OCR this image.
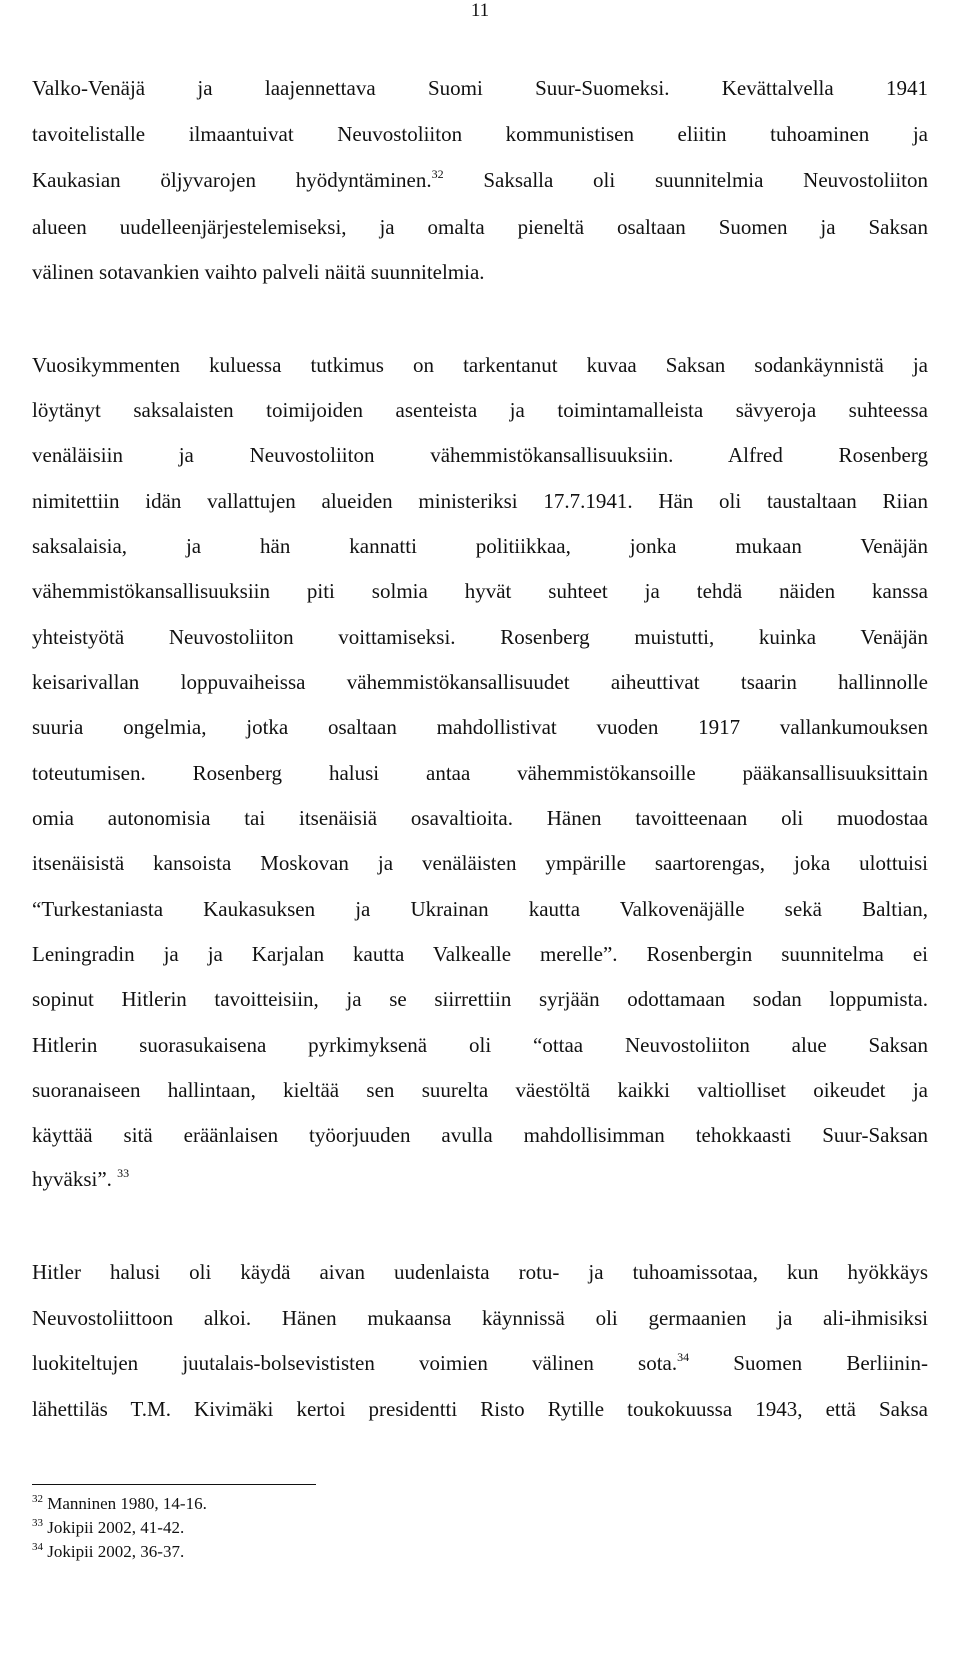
11
Valko-Venäjä ja laajennettava Suomi Suur-Suomeksi. Kevättalvella 1941
tavoitelistalle ilmaantuivat Neuvostoliiton kommunistisen eliitin tuhoaminen ja
Kaukasian öljyvarojen hyödyntäminen.$^{32}$ Saksalla oli suunnitelmia Neuvostoliiton
alueen uudelleenjärjestelemiseksi, ja omalta pieneltä osaltaan Suomen ja Saksan
välinen sotavankien vaihto palveli näitä suunnitelmia.
Vuosikymmenten kuluessa tutkimus on tarkentanut kuvaa Saksan sodankäynnistä ja
löytänyt saksalaisten toimijoiden asenteista ja toimintamalleista sävyeroja suhteessa
venäläisiin ja Neuvostoliiton vähemmistökansallisuuksiin. Alfred Rosenberg
nimitettiin idän vallattujen alueiden ministeriksi 17.7.1941. Hän oli taustaltaan Riian
saksalaisia, ja hän kannatti politiikkaa, jonka mukaan Venäjän
vähemmistökansallisuuksiin piti solmia hyvät suhteet ja tehdä näiden kanssa
yhteistyötä Neuvostoliiton voittamiseksi. Rosenberg muistutti, kuinka Venäjän
keisarivallan loppuvaiheissa vähemmistökansallisuudet aiheuttivat tsaarin hallinnolle
suuria ongelmia, jotka osaltaan mahdollistivat vuoden 1917 vallankumouksen
toteutumisen. Rosenberg halusi antaa vähemmistökansoille pääkansallisuuksittain
omia autonomisia tai itsenäisiä osavaltioita. Hänen tavoitteenaan oli muodostaa
itsenäisistä kansoista Moskovan ja venäläisten ympärille saartorengas, joka ulottuisi
“Turkestaniasta Kaukasuksen ja Ukrainan kautta Valkovenäjälle sekä Baltian,
Leningradin ja ja Karjalan kautta Valkealle merelle”. Rosenbergin suunnitelma ei
sopinut Hitlerin tavoitteisiin, ja se siirrettiin syrjään odottamaan sodan loppumista.
Hitlerin suorasukaisena pyrkimyksenä oli “ottaa Neuvostoliiton alue Saksan
suoranaiseen hallintaan, kieltää sen suurelta väestöltä kaikki valtiolliset oikeudet ja
käyttää sitä eräänlaisen työorjuuden avulla mahdollisimman tehokkaasti Suur-Saksan
hyväksi”. $^{33}$
Hitler halusi oli käydä aivan uudenlaista rotu- ja tuhoamissotaa, kun hyökkäys
Neuvostoliittoon alkoi. Hänen mukaansa käynnissä oli germaanien ja ali-ihmisiksi
luokiteltujen juutalais-bolsevististen voimien välinen sota.$^{34}$ Suomen Berliinin-
lähettiläs T.M. Kivimäki kertoi presidentti Risto Rytille toukokuussa 1943, että Saksa
$^{32}$ Manninen 1980, 14-16.
$^{33}$ Jokipii 2002, 41-42.
$^{34}$ Jokipii 2002, 36-37.
